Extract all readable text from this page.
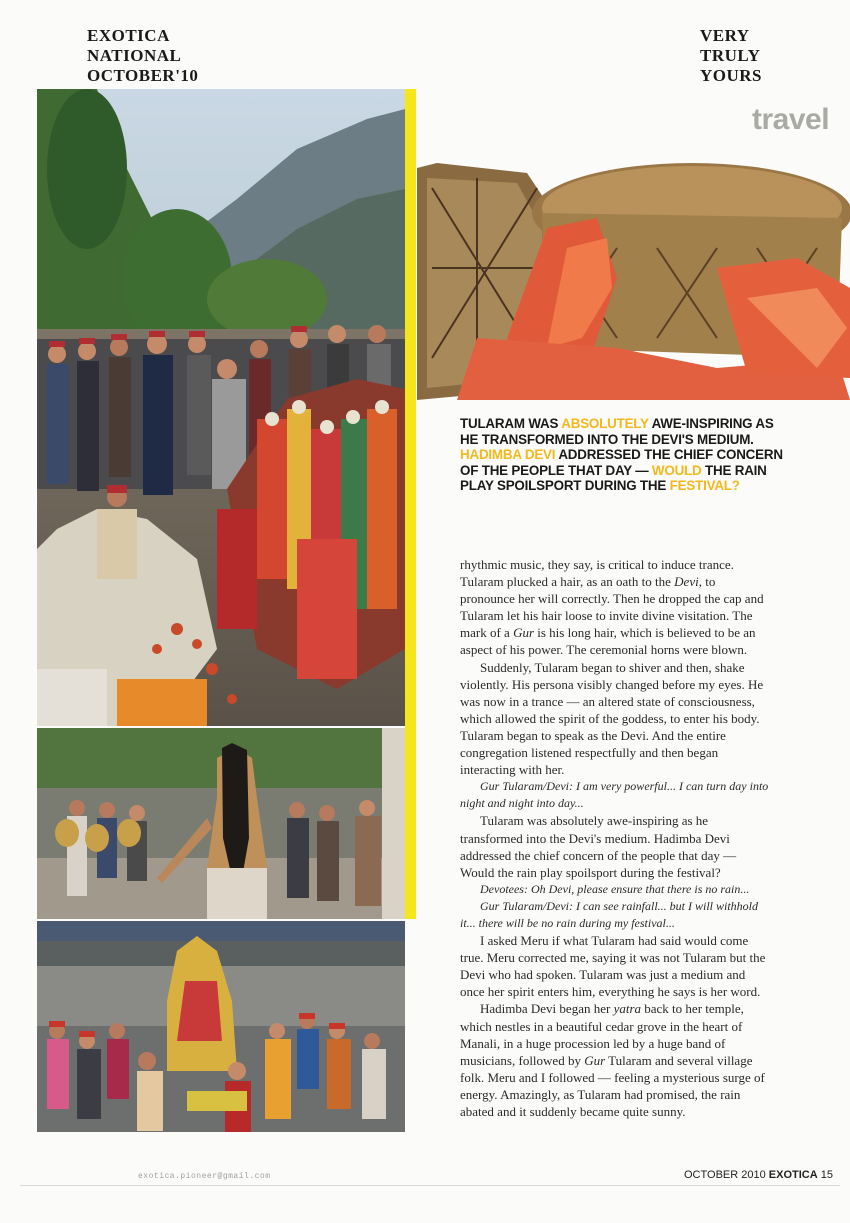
EXOTICA
NATIONAL
OCTOBER'10
VERY
TRULY
YOURS
travel
TULARAM WAS ABSOLUTELY AWE-INSPIRING AS HE TRANSFORMED INTO THE DEVI'S MEDIUM. HADIMBA DEVI ADDRESSED THE CHIEF CONCERN OF THE PEOPLE THAT DAY — WOULD THE RAIN PLAY SPOILSPORT DURING THE FESTIVAL?

rhythmic music, they say, is critical to induce trance. Tularam plucked a hair, as an oath to the Devi, to pronounce her will correctly. Then he dropped the cap and Tularam let his hair loose to invite divine visitation. The mark of a Gur is his long hair, which is believed to be an aspect of his power. The ceremonial horns were blown.

Suddenly, Tularam began to shiver and then, shake violently. His persona visibly changed before my eyes. He was now in a trance — an altered state of consciousness, which allowed the spirit of the goddess, to enter his body. Tularam began to speak as the Devi. And the entire congregation listened respectfully and then began interacting with her.

Gur Tularam/Devi: I am very powerful... I can turn day into night and night into day...

Tularam was absolutely awe-inspiring as he transformed into the Devi's medium. Hadimba Devi addressed the chief concern of the people that day — Would the rain play spoilsport during the festival?

Devotees: Oh Devi, please ensure that there is no rain...

Gur Tularam/Devi: I can see rainfall... but I will withhold it... there will be no rain during my festival...

I asked Meru if what Tularam had said would come true. Meru corrected me, saying it was not Tularam but the Devi who had spoken. Tularam was just a medium and once her spirit enters him, everything he says is her word.

Hadimba Devi began her yatra back to her temple, which nestles in a beautiful cedar grove in the heart of Manali, in a huge procession led by a huge band of musicians, followed by Gur Tularam and several village folk. Meru and I followed — feeling a mysterious surge of energy. Amazingly, as Tularam had promised, the rain abated and it suddenly became quite sunny.

exotica.pioneer@gmail.com	OCTOBER 2010 EXOTICA 15
